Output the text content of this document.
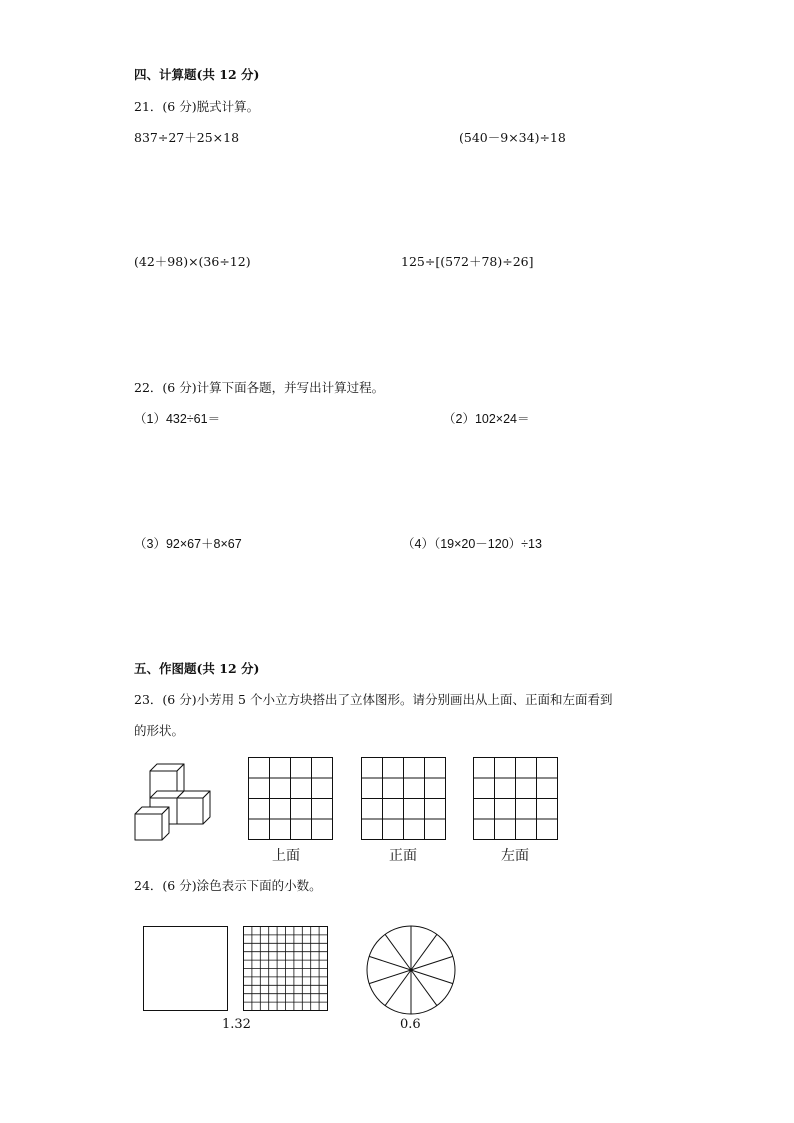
四、计算题(共 12 分)
21．(6 分)脱式计算。
837÷27＋25×18	(540－9×34)÷18
(42＋98)×(36÷12)	125÷[(572＋78)÷26]
22．(6 分)计算下面各题，并写出计算过程。
（1）432÷61＝	（2）102×24＝
（3）92×67＋8×67	（4）（19×20－120）÷13
五、作图题(共 12 分)
23．(6 分)小芳用 5 个小立方块搭出了立体图形。请分别画出从上面、正面和左面看到
的形状。
上面	正面	左面
24．(6 分)涂色表示下面的小数。
1.32	0.6
